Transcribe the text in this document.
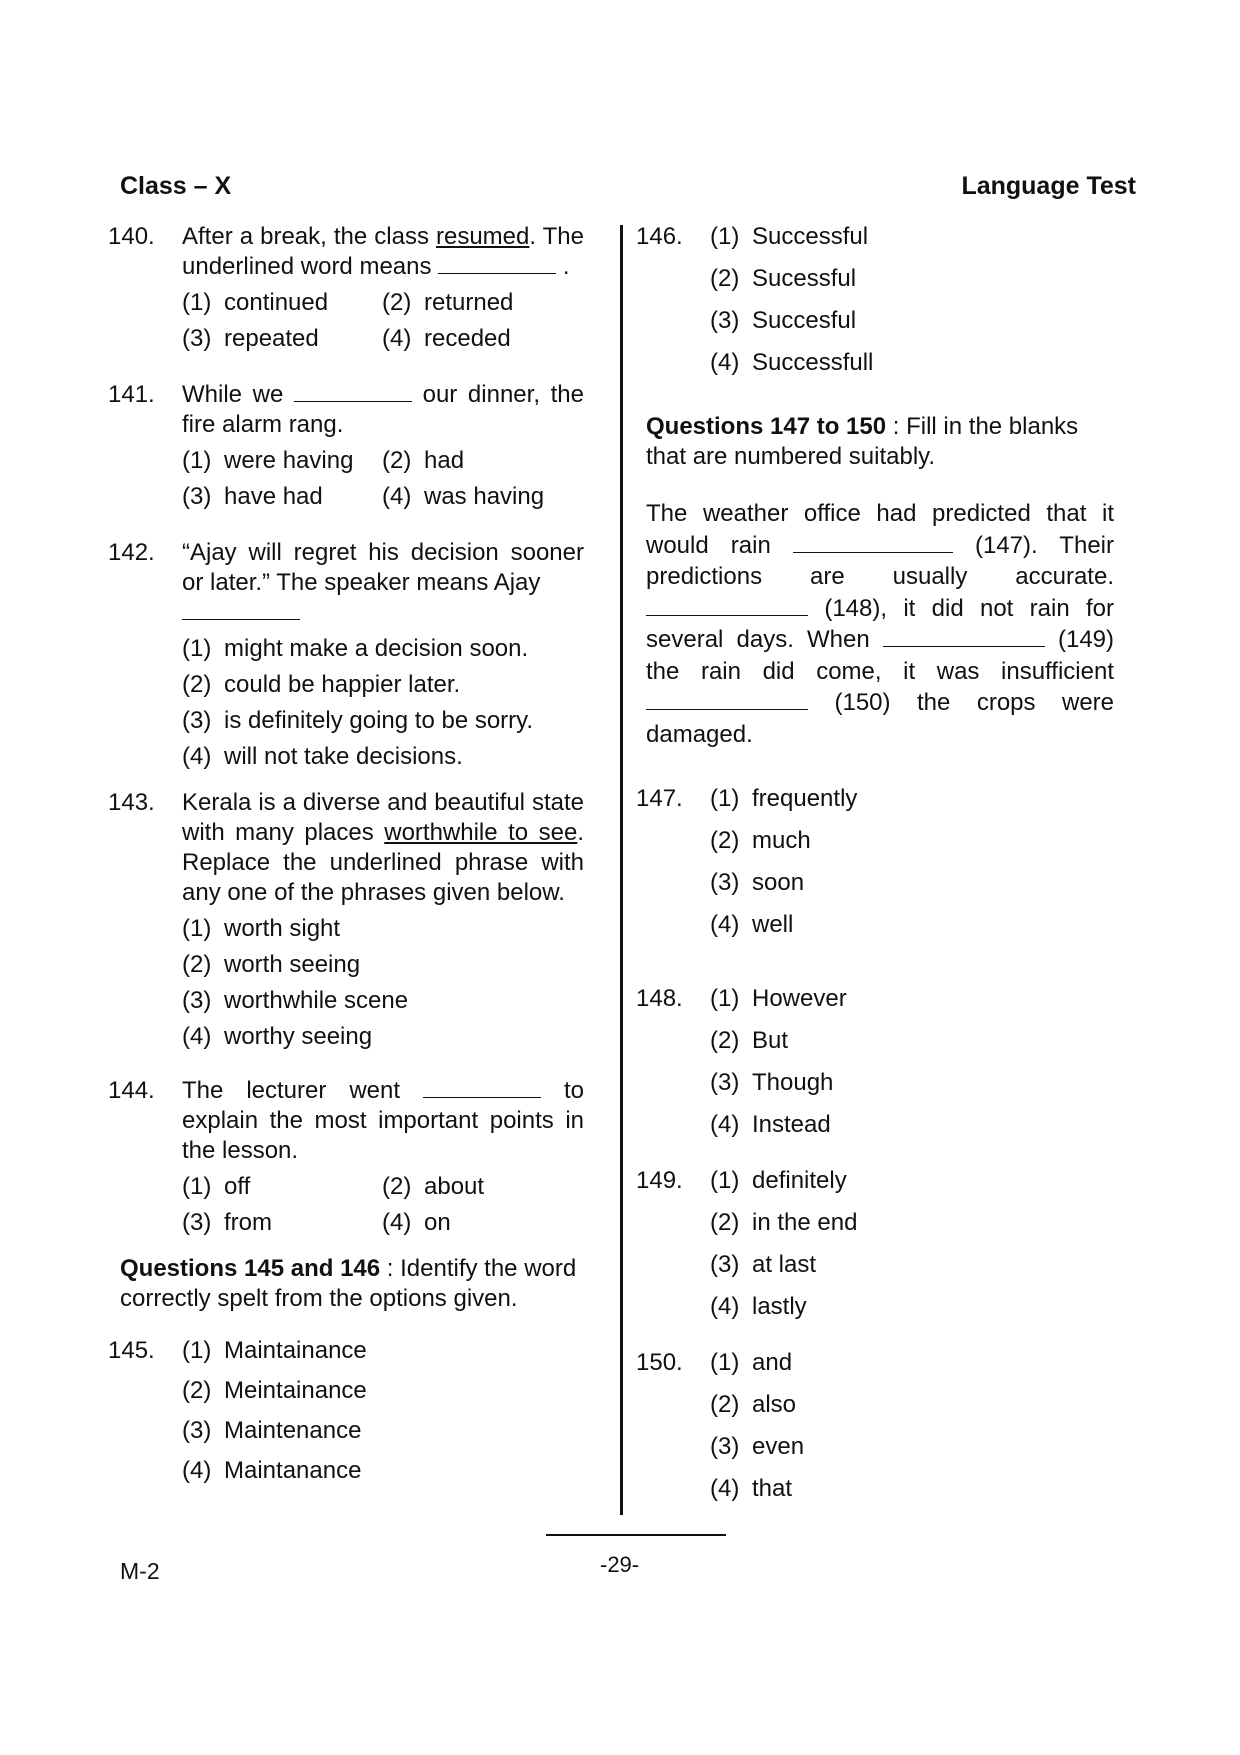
Class – X	Language Test
140. After a break, the class resumed. The underlined word means	.
(1) continued	(2) returned
(3) repeated	(4) receded
141. While we	our dinner, the fire alarm rang.
(1) were having	(2) had
(3) have had	(4) was having
142. “Ajay will regret his decision sooner or later.” The speaker means Ajay
(1) might make a decision soon.
(2) could be happier later.
(3) is definitely going to be sorry.
(4) will not take decisions.
143. Kerala is a diverse and beautiful state with many places worthwhile to see. Replace the underlined phrase with any one of the phrases given below.
(1) worth sight
(2) worth seeing
(3) worthwhile scene
(4) worthy seeing
144. The lecturer went	to explain the most important points in the lesson.
(1) off	(2) about
(3) from	(4) on
Questions 145 and 146 : Identify the word correctly spelt from the options given.
145. (1) Maintainance
(2) Meintainance
(3) Maintenance
(4) Maintanance
146. (1) Successful
(2) Sucessful
(3) Succesful
(4) Successfull
Questions 147 to 150 : Fill in the blanks that are numbered suitably.
The weather office had predicted that it would rain	(147). Their predictions are usually accurate.  (148), it did not rain for several days. When	(149) the rain did come, it was insufficient  (150) the crops were damaged.
147. (1) frequently
(2) much
(3) soon
(4) well
148. (1) However
(2) But
(3) Though
(4) Instead
149. (1) definitely
(2) in the end
(3) at last
(4) lastly
150. (1) and
(2) also
(3) even
(4) that
-29-
M-2
